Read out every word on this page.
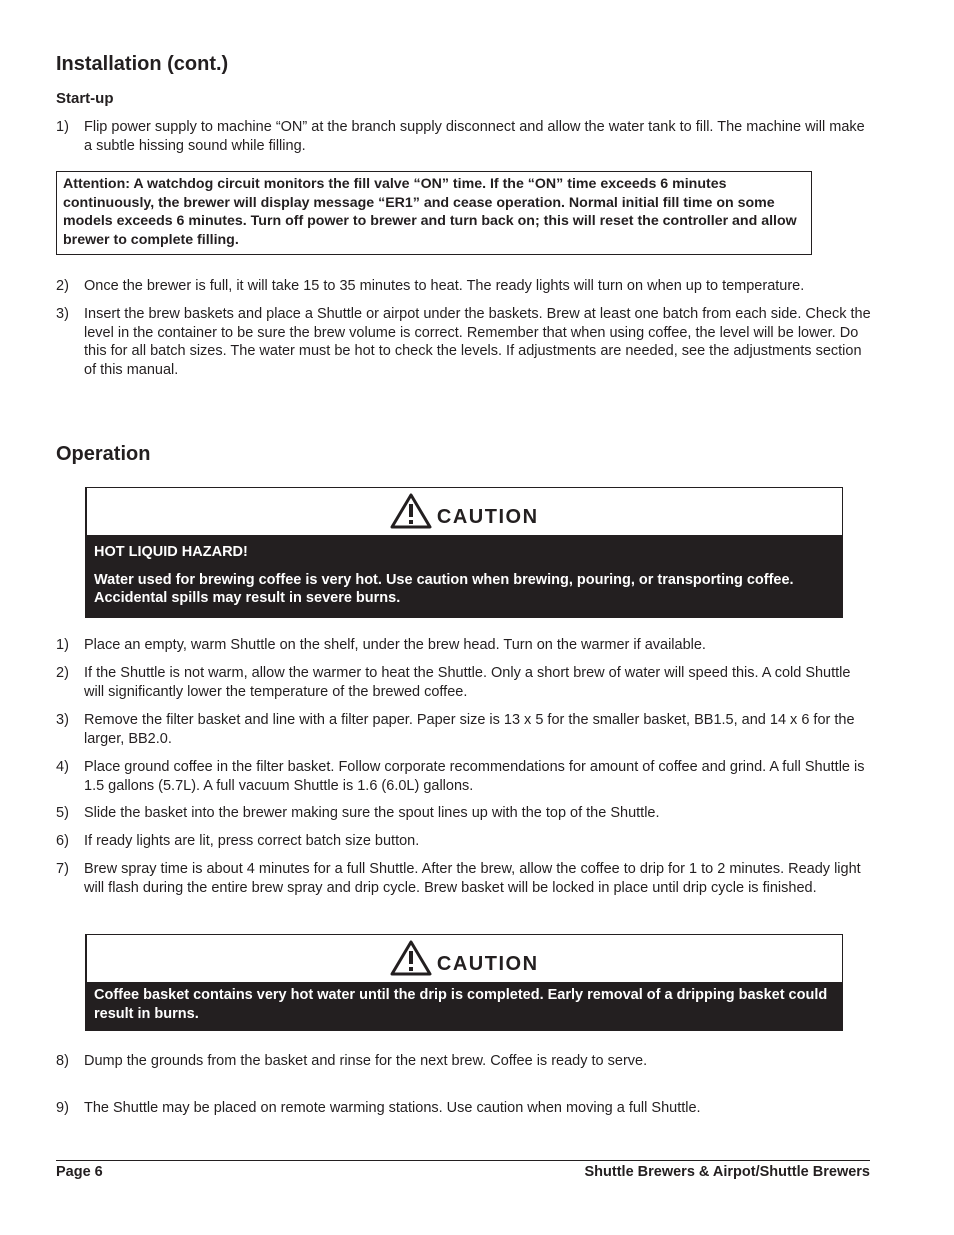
Installation (cont.)
Start-up
1) Flip power supply to machine “ON” at the branch supply disconnect and allow the water tank to fill. The machine will make a subtle hissing sound while filling.
Attention: A watchdog circuit monitors the fill valve “ON” time. If the “ON” time exceeds 6 minutes continuously, the brewer will display message “ER1” and cease operation. Normal initial fill time on some models exceeds 6 minutes. Turn off power to brewer and turn back on; this will reset the controller and allow brewer to complete filling.
2) Once the brewer is full, it will take 15 to 35 minutes to heat. The ready lights will turn on when up to temperature.
3) Insert the brew baskets and place a Shuttle or airpot under the baskets. Brew at least one batch from each side. Check the level in the container to be sure the brew volume is correct. Remember that when using coffee, the level will be lower. Do this for all batch sizes. The water must be hot to check the levels. If adjustments are needed, see the adjustments section of this manual.
Operation
CAUTION

HOT LIQUID HAZARD!

Water used for brewing coffee is very hot. Use caution when brewing, pouring, or transporting coffee. Accidental spills may result in severe burns.

1) Place an empty, warm Shuttle on the shelf, under the brew head. Turn on the warmer if available.
2) If the Shuttle is not warm, allow the warmer to heat the Shuttle. Only a short brew of water will speed this. A cold Shuttle will significantly lower the temperature of the brewed coffee.
3) Remove the filter basket and line with a filter paper. Paper size is 13 x 5 for the smaller basket, BB1.5, and 14 x 6 for the larger, BB2.0.
4) Place ground coffee in the filter basket. Follow corporate recommendations for amount of coffee and grind. A full Shuttle is 1.5 gallons (5.7L). A full vacuum Shuttle is 1.6 (6.0L) gallons.
5) Slide the basket into the brewer making sure the spout lines up with the top of the Shuttle.
6) If ready lights are lit, press correct batch size button.
7) Brew spray time is about 4 minutes for a full Shuttle. After the brew, allow the coffee to drip for 1 to 2 minutes. Ready light will flash during the entire brew spray and drip cycle. Brew basket will be locked in place until drip cycle is finished.
CAUTION

Coffee basket contains very hot water until the drip is completed. Early removal of a dripping basket could result in burns.

8) Dump the grounds from the basket and rinse for the next brew. Coffee is ready to serve.
9) The Shuttle may be placed on remote warming stations. Use caution when moving a full Shuttle.
Page 6	Shuttle Brewers & Airpot/Shuttle Brewers
